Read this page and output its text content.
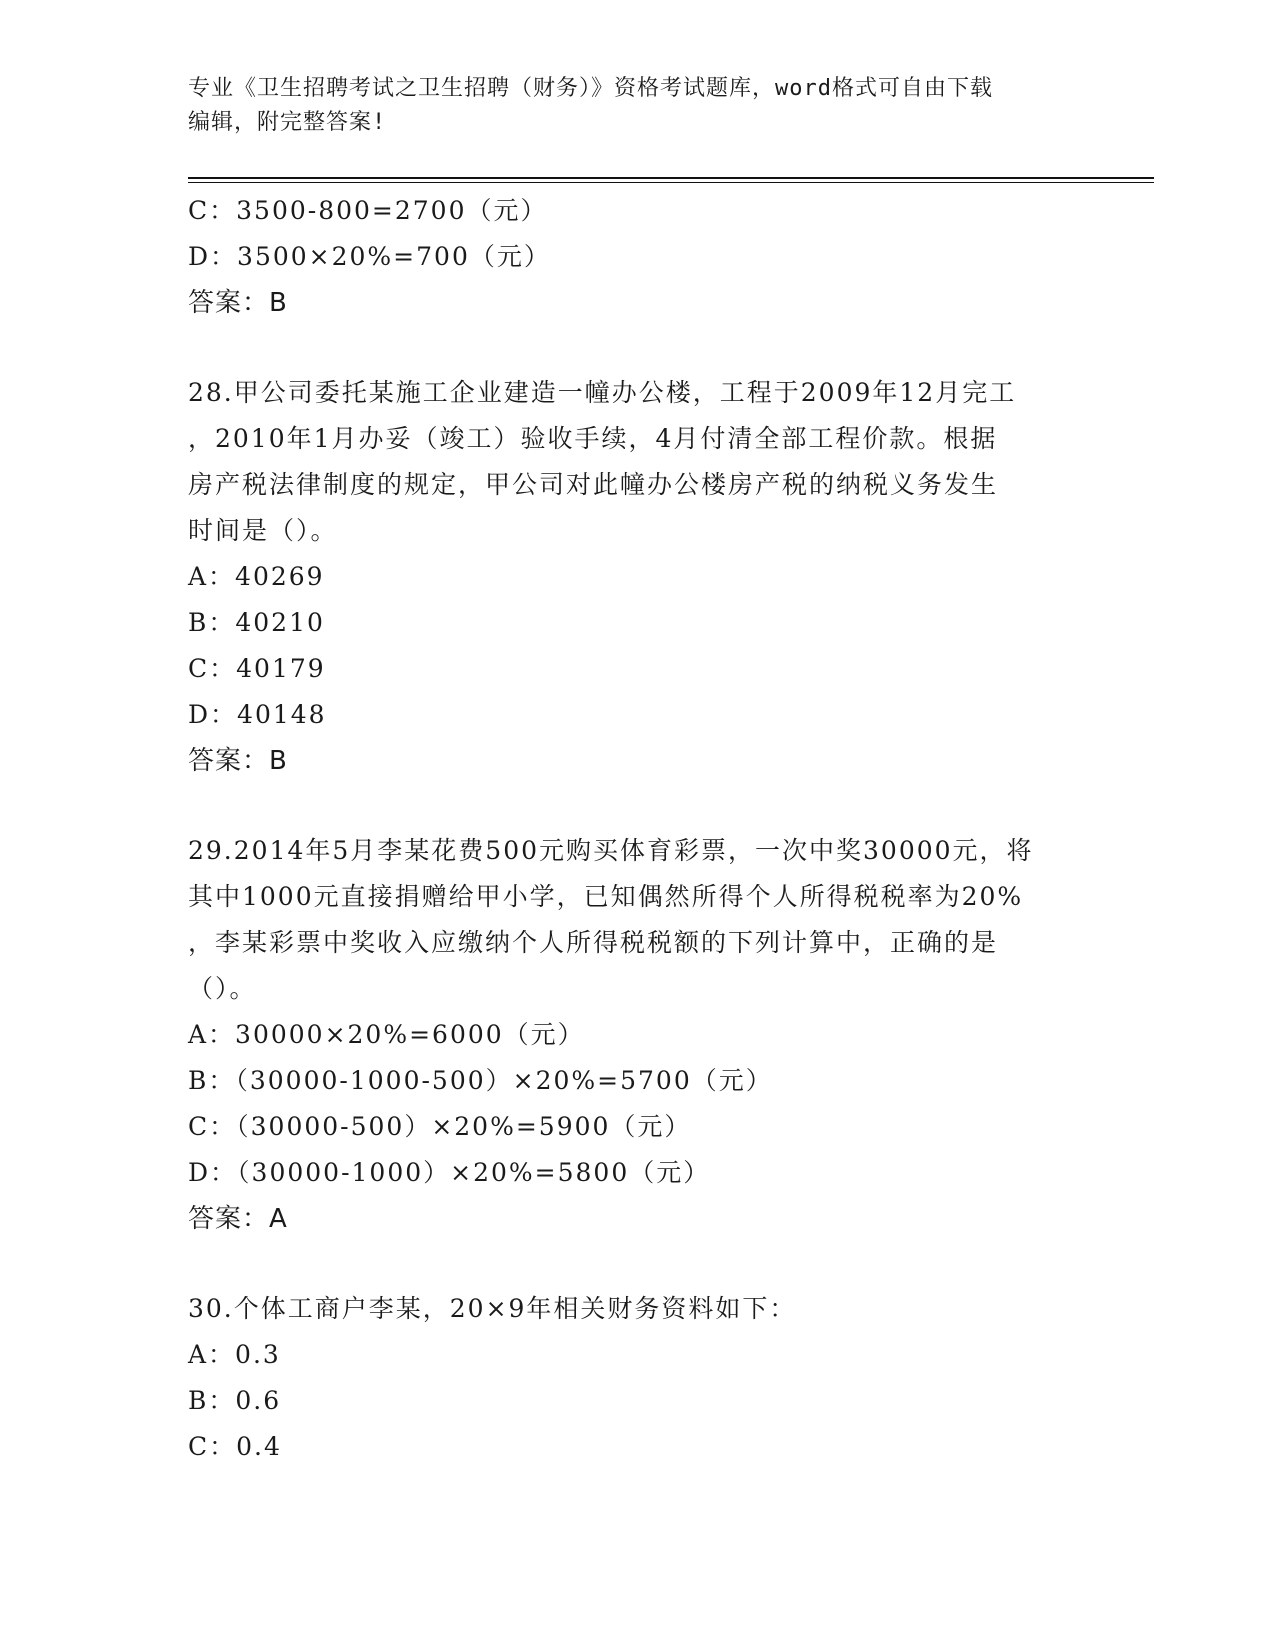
专业《卫生招聘考试之卫生招聘（财务）》资格考试题库，word格式可自由下载
编辑，附完整答案!
C：3500-800=2700（元）
D：3500×20%=700（元）
答案：B
28.甲公司委托某施工企业建造一幢办公楼，工程于2009年12月完工
，2010年1月办妥（竣工）验收手续，4月付清全部工程价款。根据
房产税法律制度的规定，甲公司对此幢办公楼房产税的纳税义务发生
时间是（）。
A：40269
B：40210
C：40179
D：40148
答案：B
29.2014年5月李某花费500元购买体育彩票，一次中奖30000元，将
其中1000元直接捐赠给甲小学，已知偶然所得个人所得税税率为20%
，李某彩票中奖收入应缴纳个人所得税税额的下列计算中，正确的是
（）。
A：30000×20%=6000（元）
B：（30000-1000-500）×20%=5700（元）
C：（30000-500）×20%=5900（元）
D：（30000-1000）×20%=5800（元）
答案：A
30.个体工商户李某，20×9年相关财务资料如下：
A：0.3
B：0.6
C：0.4
